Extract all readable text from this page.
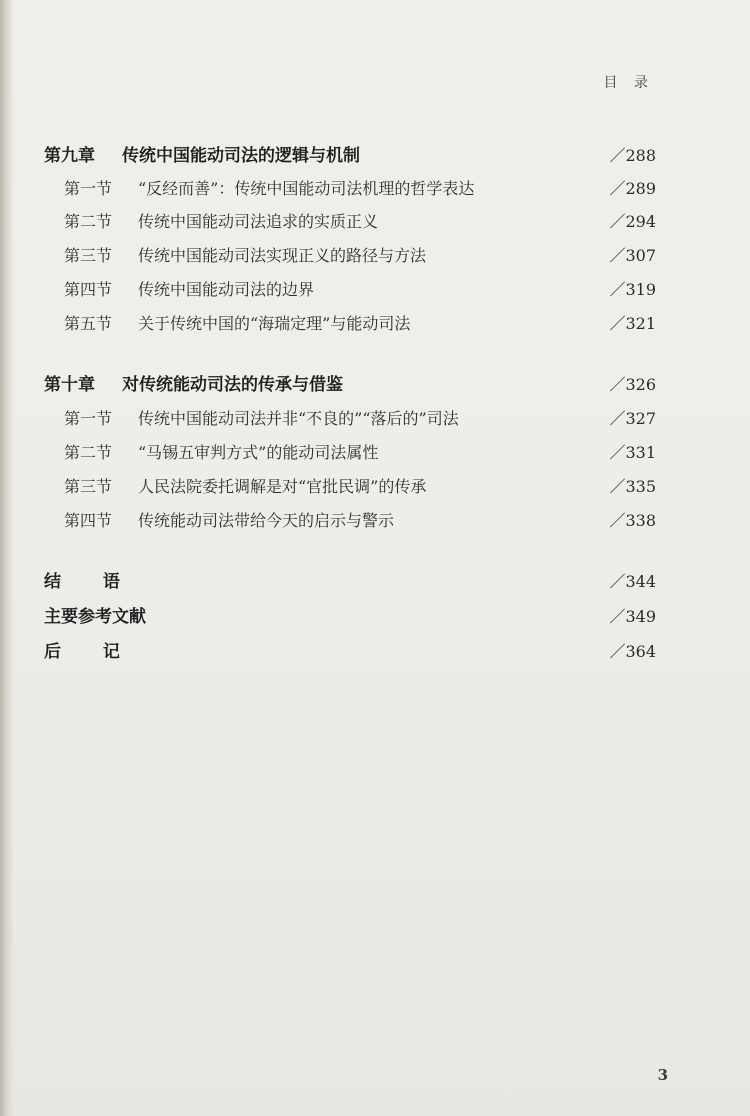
目 录
第九章 传统中国能动司法的逻辑与机制	／288
第一节 “反经而善”：传统中国能动司法机理的哲学表达	／289
第二节 传统中国能动司法追求的实质正义	／294
第三节 传统中国能动司法实现正义的路径与方法	／307
第四节 传统中国能动司法的边界	／319
第五节 关于传统中国的“海瑞定理”与能动司法	／321
第十章 对传统能动司法的传承与借鉴	／326
第一节 传统中国能动司法并非“不良的”“落后的”司法	／327
第二节 “马锡五审判方式”的能动司法属性	／331
第三节 人民法院委托调解是对“官批民调”的传承	／335
第四节 传统能动司法带给今天的启示与警示	／338
结 语	／344
主要参考文献	／349
后 记	／364
3
